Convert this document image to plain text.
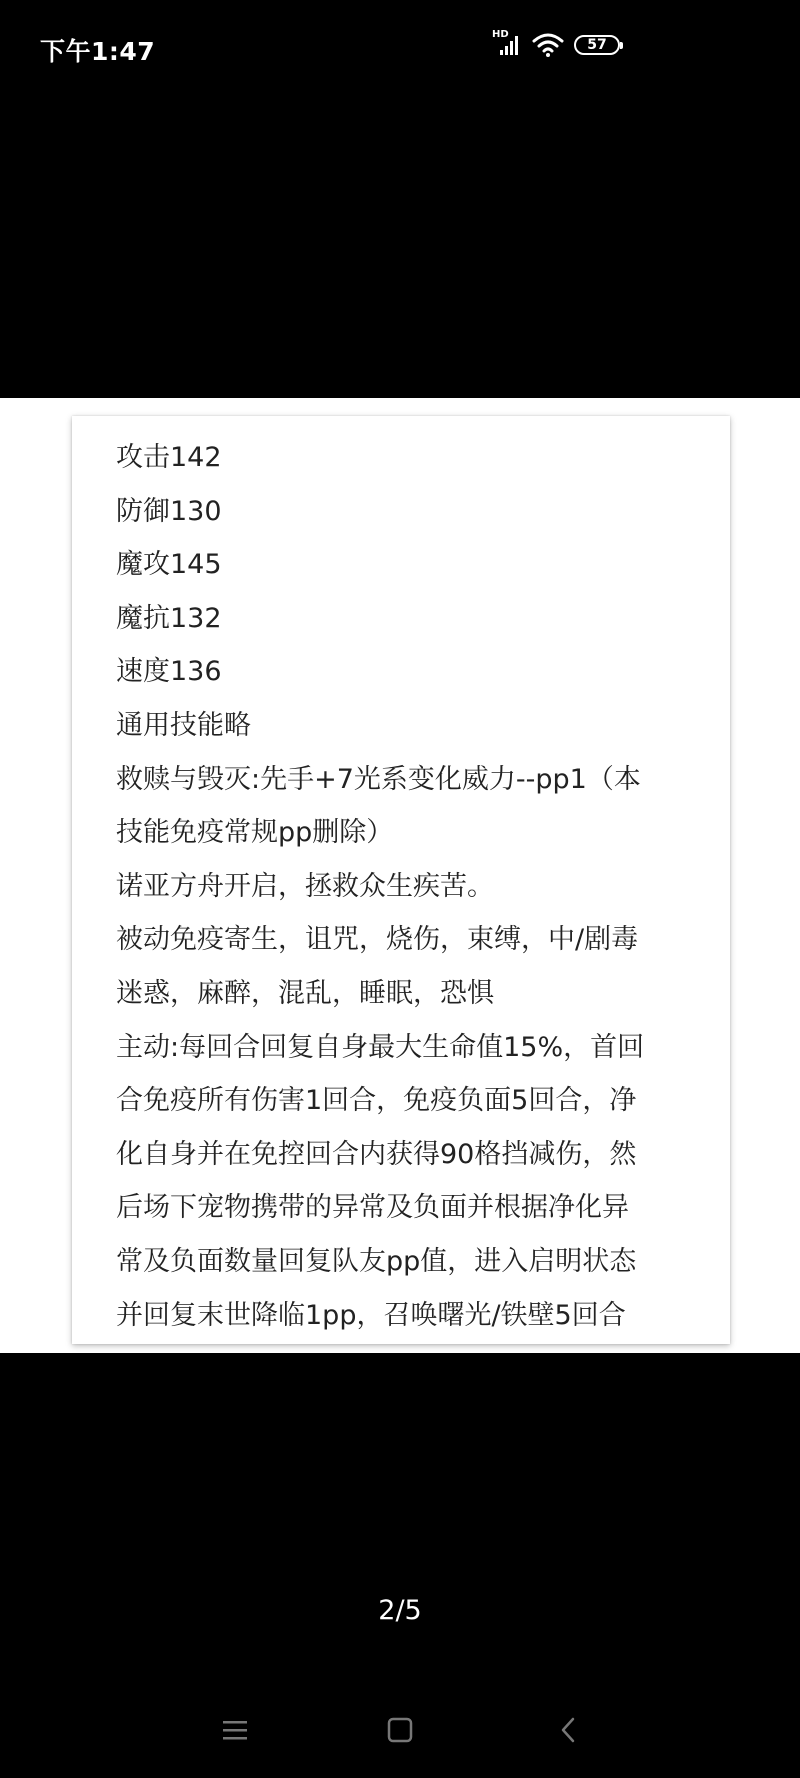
下午1:47
HD
57
攻击142
防御130
魔攻145
魔抗132
速度136
通用技能略
救赎与毁灭:先手+7光系变化威力--pp1（本
技能免疫常规pp删除）
诺亚方舟开启，拯救众生疾苦。
被动免疫寄生，诅咒，烧伤，束缚，中/剧毒
迷惑，麻醉，混乱，睡眠，恐惧
主动:每回合回复自身最大生命值15%，首回
合免疫所有伤害1回合，免疫负面5回合，净
化自身并在免控回合内获得90格挡减伤，然
后场下宠物携带的异常及负面并根据净化异
常及负面数量回复队友pp值，进入启明状态
并回复末世降临1pp，召唤曙光/铁壁5回合
2/5
